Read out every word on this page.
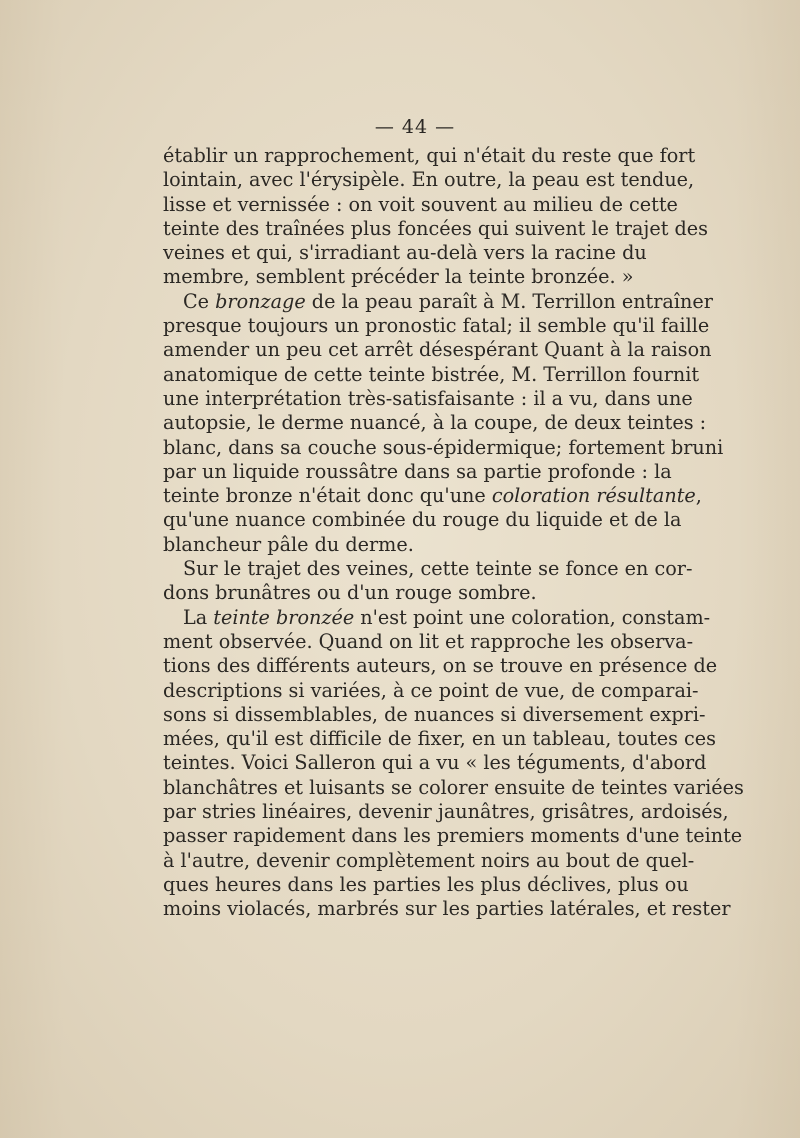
— 44 —
établir un rapprochement, qui n'était du reste que fort
lointain, avec l'érysipèle. En outre, la peau est tendue,
lisse et vernissée : on voit souvent au milieu de cette
teinte des traînées plus foncées qui suivent le trajet des
veines et qui, s'irradiant au-delà vers la racine du
membre, semblent précéder la teinte bronzée. »
Ce bronzage de la peau paraît à M. Terrillon entraîner
presque toujours un pronostic fatal; il semble qu'il faille
amender un peu cet arrêt désespérant Quant à la raison
anatomique de cette teinte bistrée, M. Terrillon fournit
une interprétation très-satisfaisante : il a vu, dans une
autopsie, le derme nuancé, à la coupe, de deux teintes :
blanc, dans sa couche sous-épidermique; fortement bruni
par un liquide roussâtre dans sa partie profonde : la
teinte bronze n'était donc qu'une coloration résultante,
qu'une nuance combinée du rouge du liquide et de la
blancheur pâle du derme.
Sur le trajet des veines, cette teinte se fonce en cor-
dons brunâtres ou d'un rouge sombre.
La teinte bronzée n'est point une coloration, constam-
ment observée. Quand on lit et rapproche les observa-
tions des différents auteurs, on se trouve en présence de
descriptions si variées, à ce point de vue, de comparai-
sons si dissemblables, de nuances si diversement expri-
mées, qu'il est difficile de fixer, en un tableau, toutes ces
teintes. Voici Salleron qui a vu « les téguments, d'abord
blanchâtres et luisants se colorer ensuite de teintes variées
par stries linéaires, devenir jaunâtres, grisâtres, ardoisés,
passer rapidement dans les premiers moments d'une teinte
à l'autre, devenir complètement noirs au bout de quel-
ques heures dans les parties les plus déclives, plus ou
moins violacés, marbrés sur les parties latérales, et rester
